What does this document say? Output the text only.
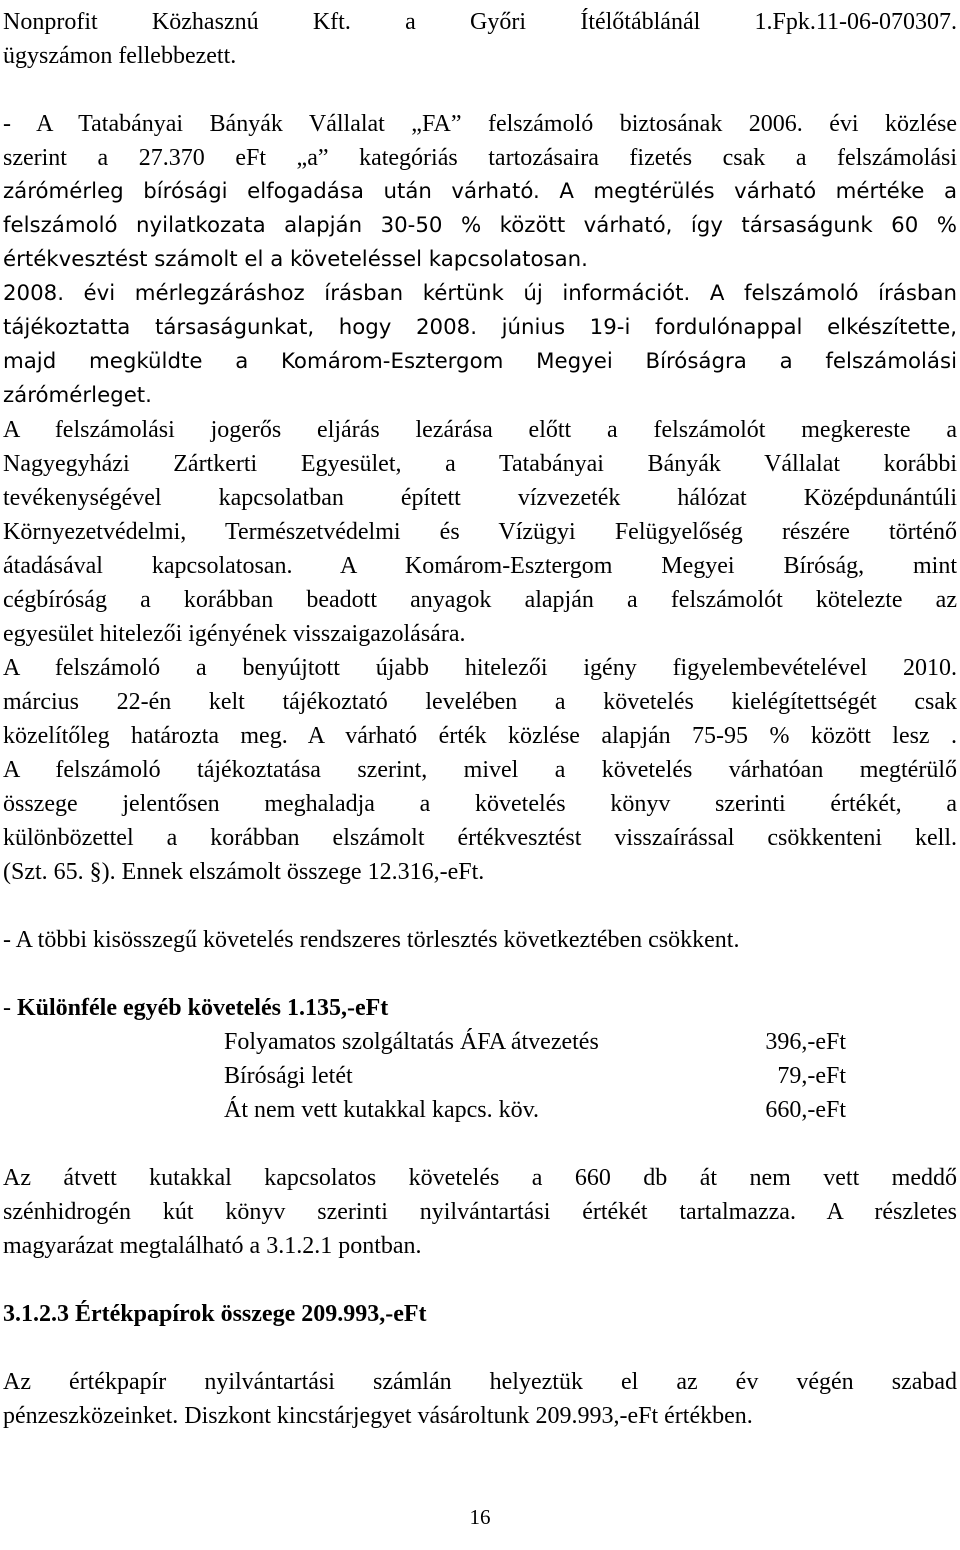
Nonprofit Közhasznú Kft. a Győri Ítélőtáblánál 1.Fpk.11-06-070307.

ügyszámon fellebbezett.

- A Tatabányai Bányák Vállalat „FA” felszámoló biztosának 2006. évi közlése

szerint a 27.370 eFt „a” kategóriás tartozásaira fizetés csak a felszámolási

zárómérleg bírósági elfogadása után várható. A megtérülés várható mértéke a

felszámoló nyilatkozata alapján 30-50 % között várható, így társaságunk 60 %

értékvesztést számolt el a követeléssel kapcsolatosan.

2008. évi mérlegzáráshoz írásban kértünk új információt. A felszámoló írásban

tájékoztatta társaságunkat, hogy 2008. június 19-i fordulónappal elkészítette,

majd megküldte a Komárom-Esztergom Megyei Bíróságra a felszámolási

zárómérleget.

A felszámolási jogerős eljárás lezárása előtt a felszámolót megkereste a

Nagyegyházi Zártkerti Egyesület, a Tatabányai Bányák Vállalat korábbi

tevékenységével kapcsolatban épített vízvezeték hálózat Középdunántúli

Környezetvédelmi, Természetvédelmi és Vízügyi Felügyelőség részére történő

átadásával kapcsolatosan. A Komárom-Esztergom Megyei Bíróság, mint

cégbíróság a korábban beadott anyagok alapján a felszámolót kötelezte az

egyesület hitelezői igényének visszaigazolására.

A felszámoló a benyújtott újabb hitelezői igény figyelembevételével 2010.

március 22-én kelt tájékoztató levelében a követelés kielégítettségét csak

közelítőleg határozta meg. A várható érték közlése alapján 75-95 % között lesz .

A felszámoló tájékoztatása szerint, mivel a követelés várhatóan megtérülő

összege jelentősen meghaladja a követelés könyv szerinti értékét, a

különbözettel a korábban elszámolt értékvesztést visszaírással csökkenteni kell.

(Szt. 65. §). Ennek elszámolt összege 12.316,-eFt.

- A többi kisösszegű követelés rendszeres törlesztés következtében csökkent.

- Különféle egyéb követelés 1.135,-eFt

Folyamatos szolgáltatás ÁFA átvezetés	396,-eFt
Bírósági letét	79,-eFt
Át nem vett kutakkal kapcs. köv.	660,-eFt

Az átvett kutakkal kapcsolatos követelés a 660 db át nem vett meddő

szénhidrogén kút könyv szerinti nyilvántartási értékét tartalmazza. A részletes

magyarázat megtalálható a 3.1.2.1 pontban.

3.1.2.3 Értékpapírok összege 209.993,-eFt

Az értékpapír nyilvántartási számlán helyeztük el az év végén szabad

pénzeszközeinket. Diszkont kincstárjegyet vásároltunk 209.993,-eFt értékben.

16
